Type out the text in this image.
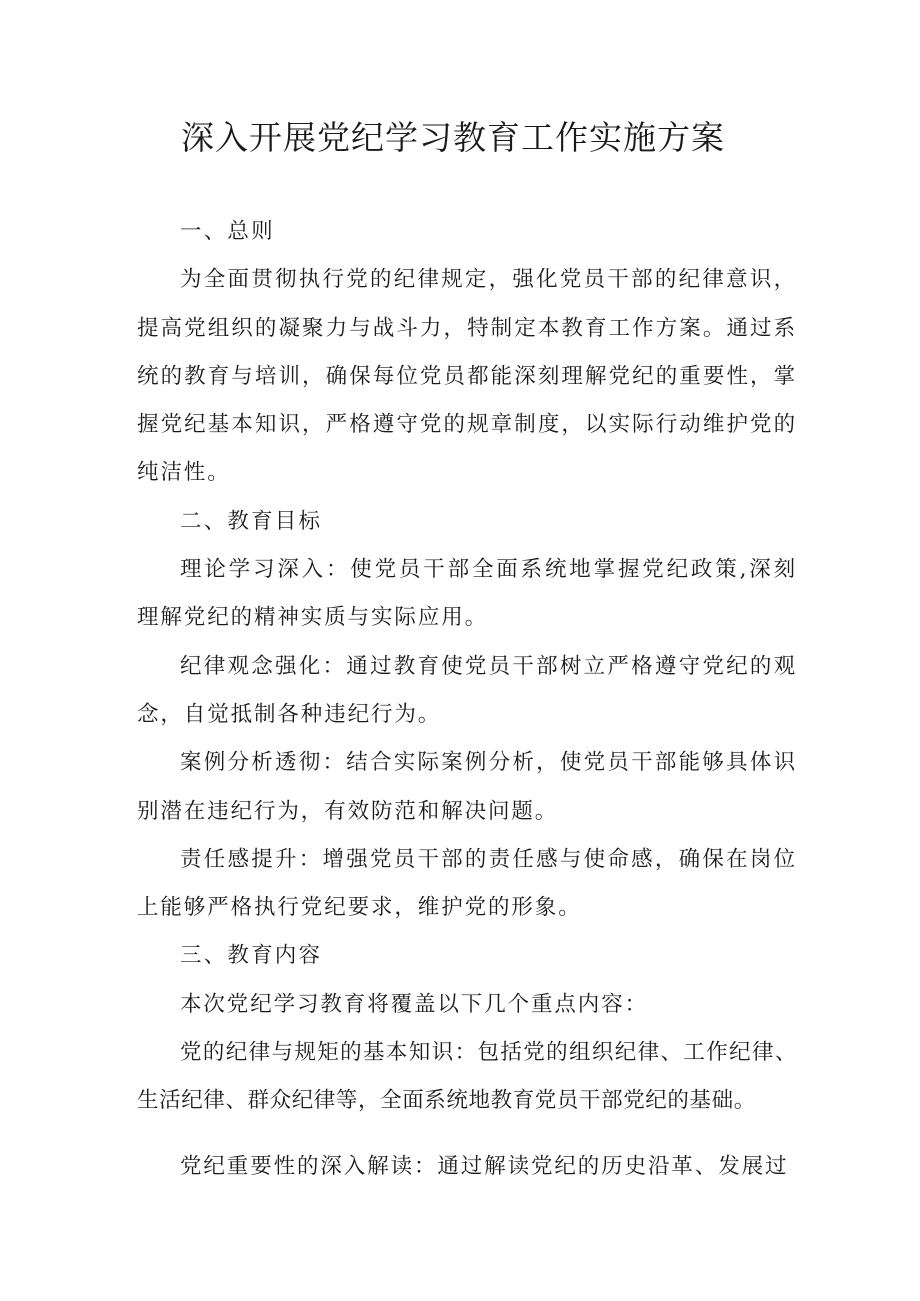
深入开展党纪学习教育工作实施方案

一、总则

为全面贯彻执行党的纪律规定，强化党员干部的纪律意识，提高党组织的凝聚力与战斗力，特制定本教育工作方案。通过系统的教育与培训，确保每位党员都能深刻理解党纪的重要性，掌握党纪基本知识，严格遵守党的规章制度，以实际行动维护党的纯洁性。

二、教育目标

理论学习深入：使党员干部全面系统地掌握党纪政策,深刻理解党纪的精神实质与实际应用。

纪律观念强化：通过教育使党员干部树立严格遵守党纪的观念，自觉抵制各种违纪行为。

案例分析透彻：结合实际案例分析，使党员干部能够具体识别潜在违纪行为，有效防范和解决问题。

责任感提升：增强党员干部的责任感与使命感，确保在岗位上能够严格执行党纪要求，维护党的形象。

三、教育内容

本次党纪学习教育将覆盖以下几个重点内容：

党的纪律与规矩的基本知识：包括党的组织纪律、工作纪律、生活纪律、群众纪律等，全面系统地教育党员干部党纪的基础。

党纪重要性的深入解读：通过解读党纪的历史沿革、发展过
